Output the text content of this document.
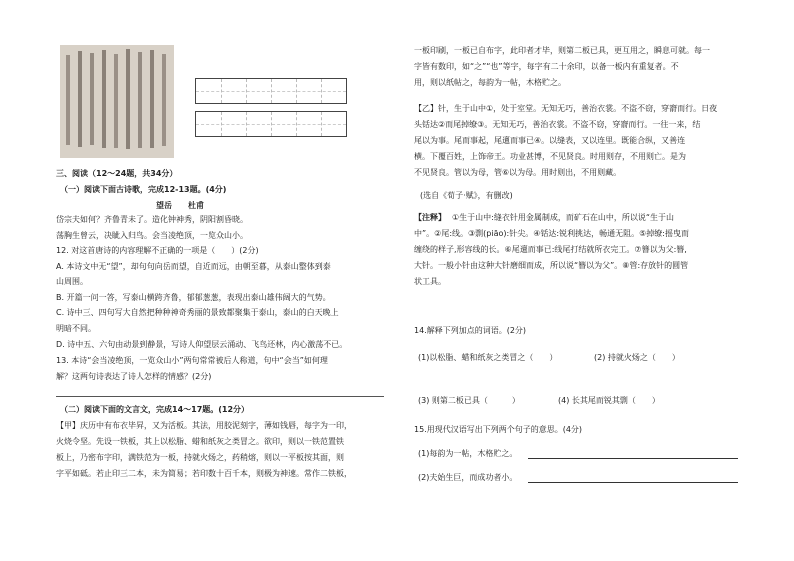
三、阅读（12～24题，共34分）
（一）阅读下面古诗歌，完成12-13题。(4分)
望岳 杜甫
岱宗夫如何？齐鲁青未了。造化钟神秀，阴阳割昏晓。
荡胸生曾云，决眦入归鸟。会当凌绝顶，一览众山小。
12. 对这首唐诗的内容理解不正确的一项是（　　）(2分)
A. 本诗文中无“望”，却句句向岳而望，自近而远，由朝至暮，从泰山整体到泰
山周围。
B. 开篇一问一答，写泰山横跨齐鲁，郁郁葱葱，表现出泰山雄伟阔大的气势。
C. 诗中三、四句写大自然把种种神奇秀丽的景致都聚集于泰山，泰山的白天晚上
明暗不同。
D. 诗中五、六句由动景到静景，写诗人仰望层云涌动、飞鸟还林，内心激荡不已。
13. 本诗“会当凌绝顶，一览众山小”两句常常被后人称道，句中“会当”如何理
解？这两句诗表达了诗人怎样的情感？(2分)
（二）阅读下面的文言文，完成14～17题。(12分）
【甲】庆历中有布衣毕昇，又为活板。其法，用胶泥刻字，薄如钱唇，每字为一印，
火烧令坚。先设一铁板，其上以松脂、蜡和纸灰之类冒之。欲印，则以一铁范置铁
板上，乃密布字印，满铁范为一板，持就火炀之，药稍熔，则以一平板按其面，则
字平如砥。若止印三二本，未为简易；若印数十百千本，则极为神速。常作二铁板，
一板印刷，一板已自布字，此印者才毕，则第二板已具，更互用之，瞬息可就。每一
字皆有数印，如“之”“也”等字，每字有二十余印，以备一板内有重复者。不
用，则以纸帖之，每韵为一帖，木格贮之。
【乙】针，生于山中①，处于室堂。无知无巧，善治衣裳。不盗不窃，穿窬而行。日夜
头铦达②而尾掉缭③。无知无巧，善治衣裳。不盗不窃，穿窬而行。一往一来，结
尾以为事。尾而事起，尾邅而事已④。以缝表，又以连里。既能合纵，又善连
横。下覆百姓，上饰帝王。功业甚博，不见贤良。时用则存，不用则亡。是为
不见贤良。管以为母，管⑥以为母。用时则出，不用则藏。
(选自《荀子·赋》，有删改)
【注释】 ①生于山中:缝衣针用金属制成，而矿石在山中，所以说“生于山
中”。②尾:线。③剽(piāo):针尖。④铦达:锐利挑达，畅通无阻。⑤掉缭:摇曳而
缠绕的样子,形容线的长。⑥尾邅而事已:线尾打结就所衣完工。⑦簪以为父:簪,
大针。一般小针由这种大针磨细而成，所以说“簪以为父”。⑧管:存放针的圆管
状工具。
14.解释下列加点的词语。(2分)
(1)以松脂、蜡和纸灰之类冒之（　　）	(2) 持就火炀之（　　）
(3) 则第二板已具（　　　）	(4) 长其尾而锐其剽（　　）
15.用现代汉语写出下列两个句子的意思。(4分)
(1)每韵为一帖，木格贮之。
(2)夫始生巨，而成功者小。
